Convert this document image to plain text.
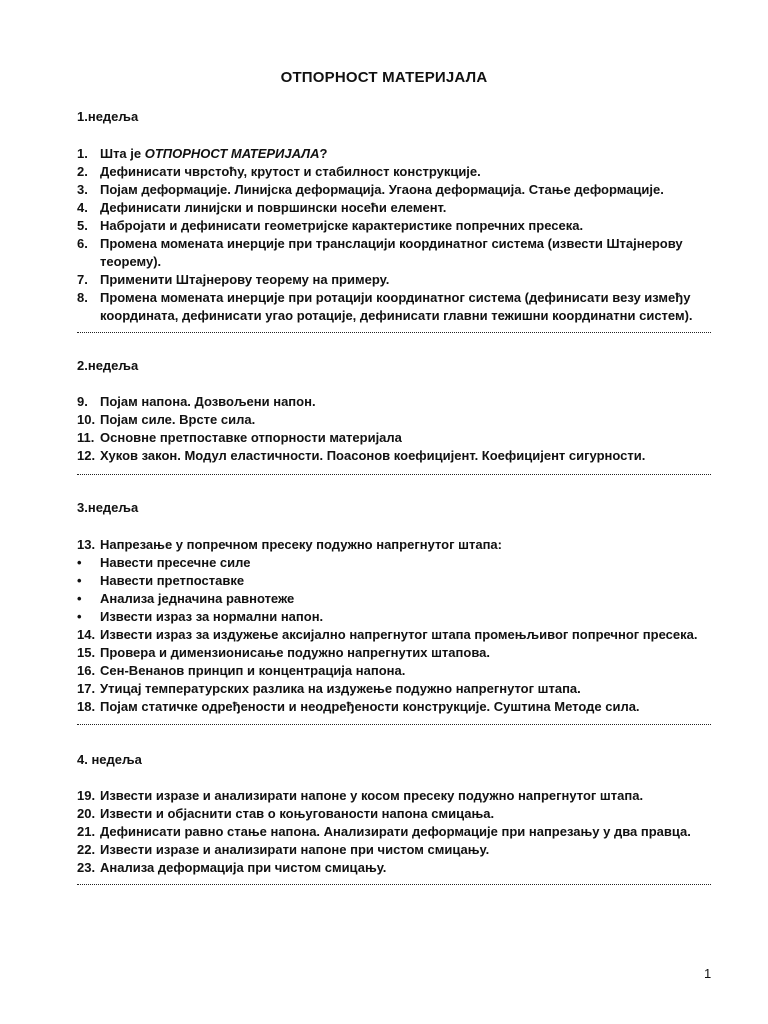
ОТПОРНОСТ МАТЕРИЈАЛА
1.недеља
1. Шта је ОТПОРНОСТ МАТЕРИЈАЛА?
2. Дефинисати чврстоћу, крутост и стабилност конструкције.
3. Појам деформације. Линијска деформација. Угаона деформација. Стање деформације.
4. Дефинисати линијски и површински носећи елемент.
5. Набројати и дефинисати геометријске карактеристике попречних пресека.
6. Промена момената инерције при транслацији координатног система (извести Штајнерову теорему).
7. Применити Штајнерову теорему на примеру.
8. Промена момената инерције при ротацији координатног система (дефинисати везу између координата, дефинисати угао ротације, дефинисати главни тежишни координатни систем).
2.недеља
9. Појам напона. Дозвољени напон.
10. Појам силе. Врсте сила.
11. Основне претпоставке отпорности материјала
12. Хуков закон. Модул еластичности. Поасонов коефицијент. Коефицијент сигурности.
3.недеља
13. Напрезање у попречном пресеку подужно напрегнутог штапа:
• Навести пресечне силе
• Навести претпоставке
• Анализа једначина равнотеже
• Извести израз за нормални напон.
14. Извести израз за издужење аксијално напрегнутог штапа промењљивог попречног пресека.
15. Провера и димензионисање подужно напрегнутих штапова.
16. Сен-Венанов принцип и концентрација напона.
17. Утицај температурских разлика на издужење подужно напрегнутог штапа.
18. Појам статичке одређености и неодређености конструкције. Суштина Методе сила.
4. недеља
19. Извести изразе и анализирати напоне у косом пресеку подужно напрегнутог штапа.
20. Извести и објаснити став о коњугованости напона смицања.
21. Дефинисати равно стање напона. Анализирати деформације при напрезању у два правца.
22. Извести изразе и анализирати напоне при чистом смицању.
23. Анализа деформација при чистом смицању.
1
